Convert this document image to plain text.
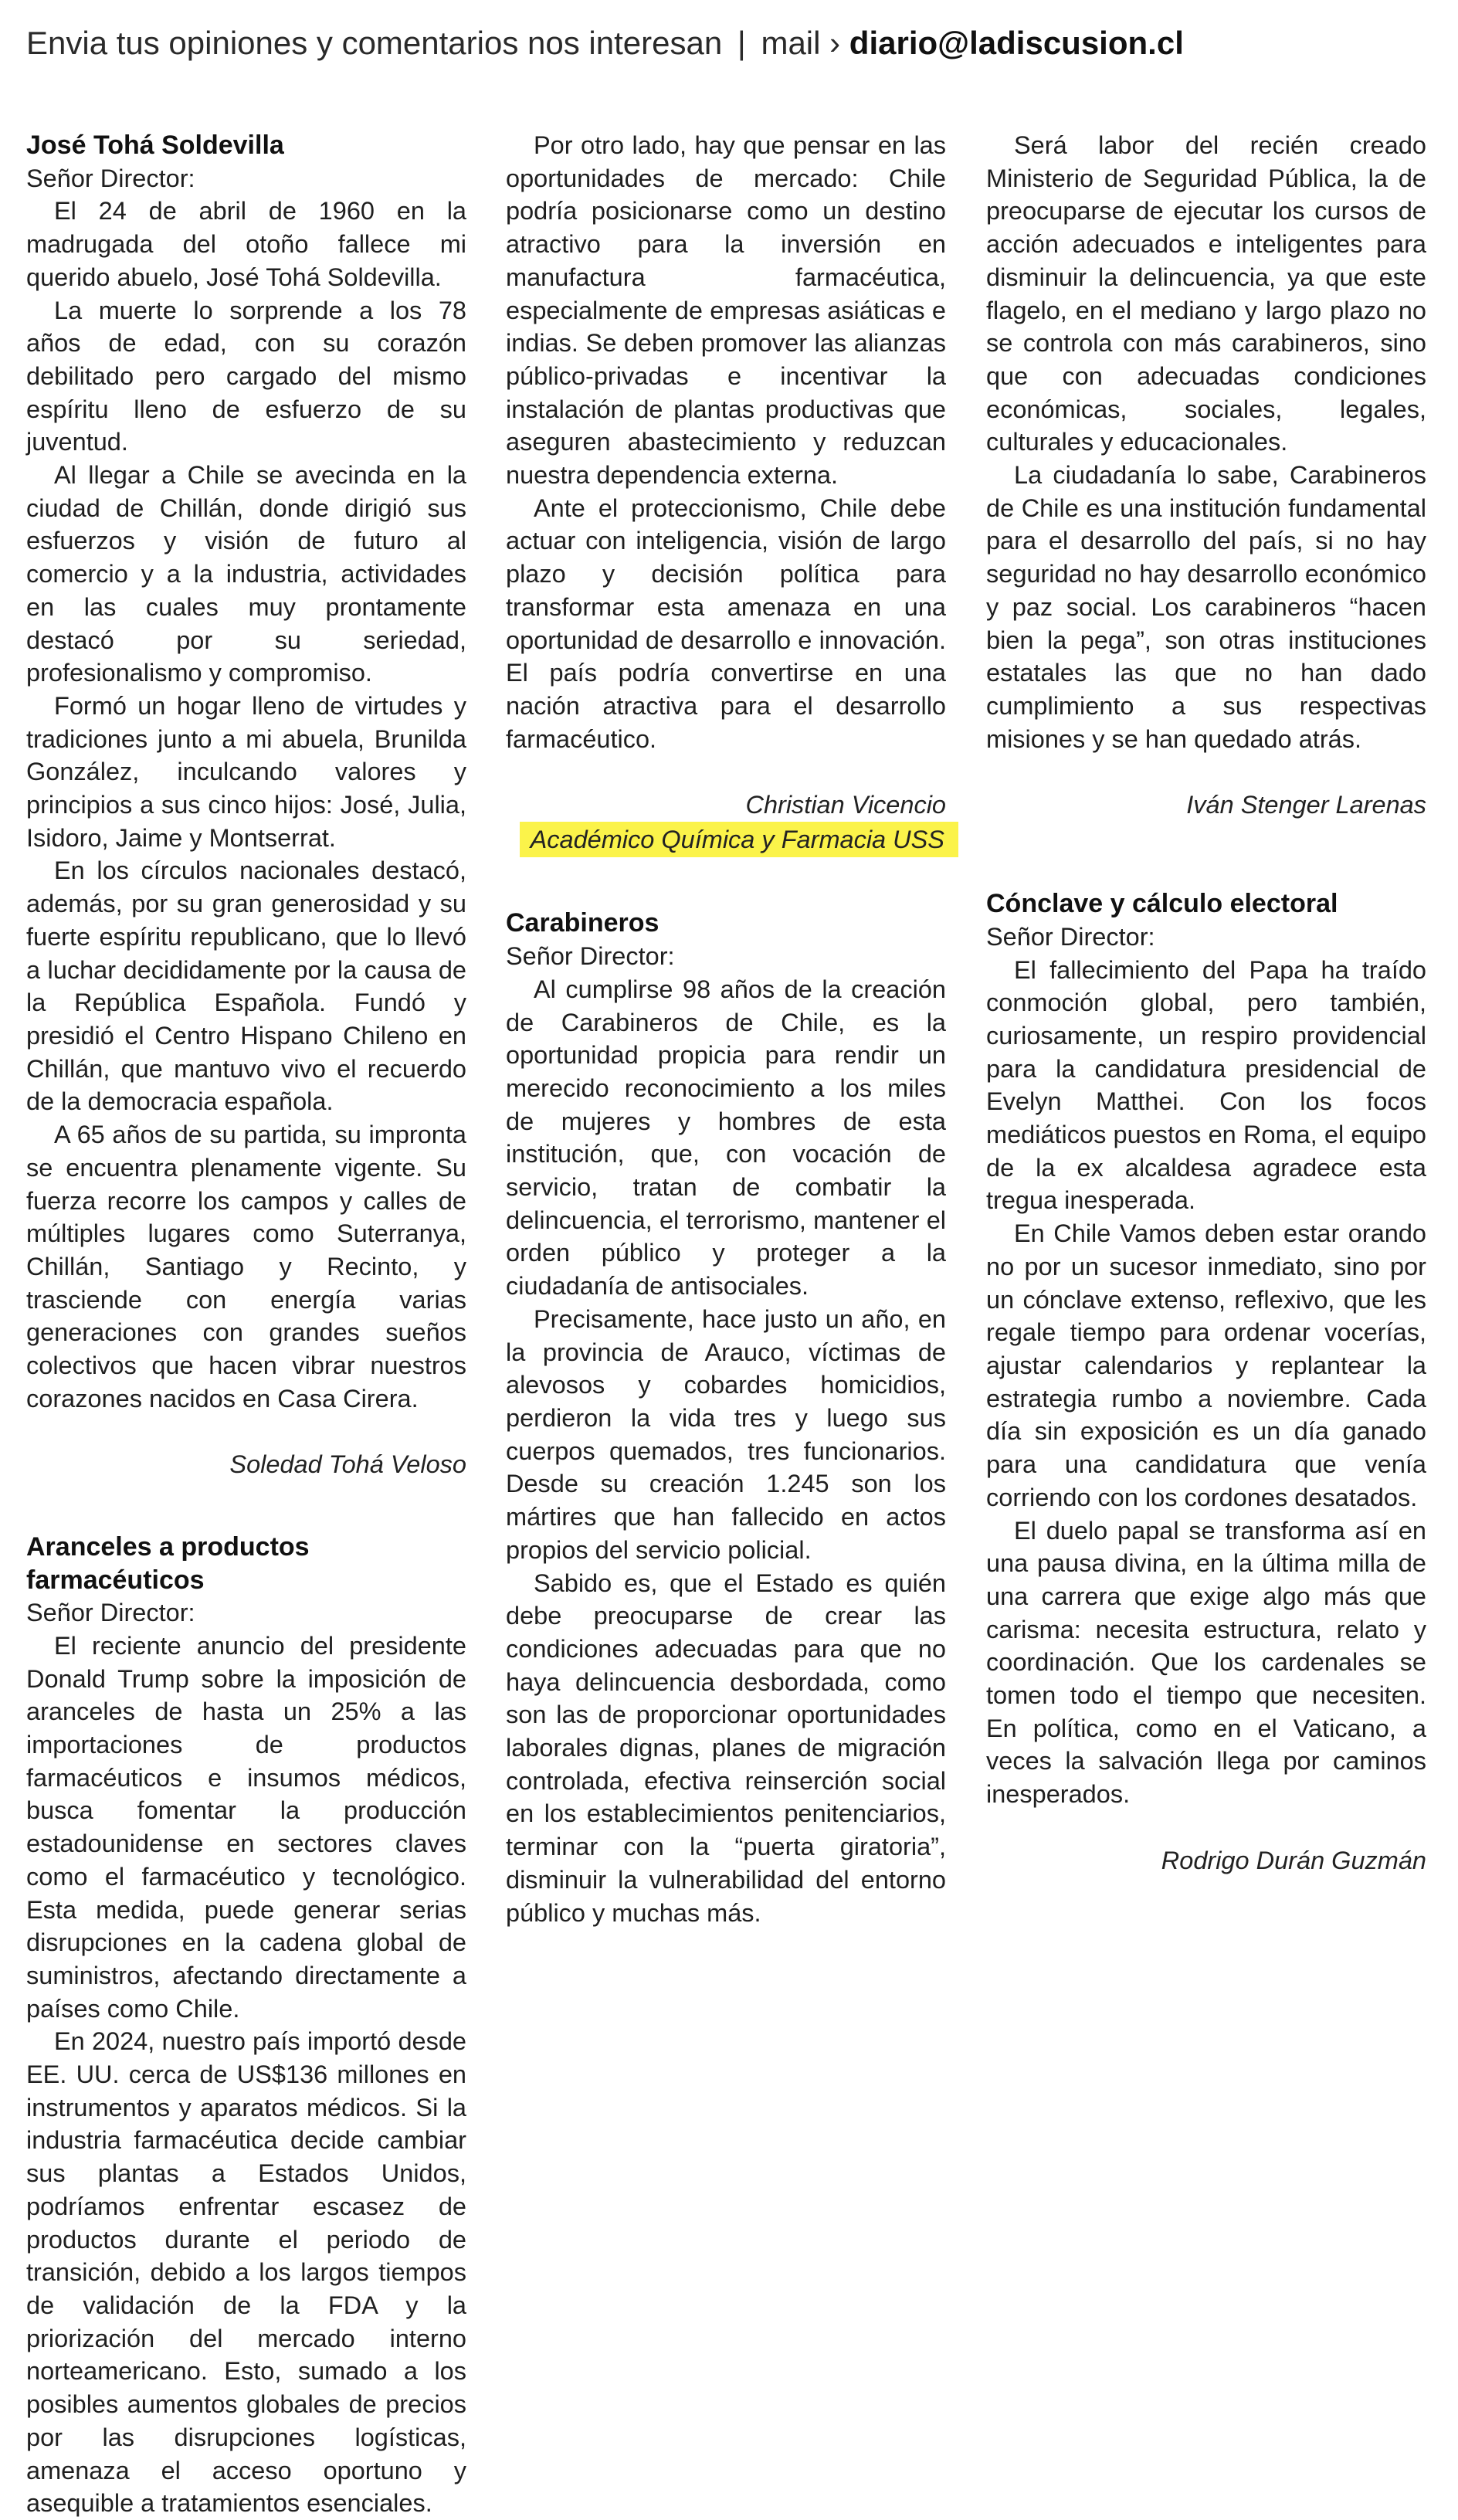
Envia tus opiniones y comentarios nos interesan | mail › diario@ladiscusion.cl
José Tohá Soldevilla
Señor Director:

El 24 de abril de 1960 en la madrugada del otoño fallece mi querido abuelo, José Tohá Soldevilla.

La muerte lo sorprende a los 78 años de edad, con su corazón debilitado pero cargado del mismo espíritu lleno de esfuerzo de su juventud.

Al llegar a Chile se avecinda en la ciudad de Chillán, donde dirigió sus esfuerzos y visión de futuro al comercio y a la industria, actividades en las cuales muy prontamente destacó por su seriedad, profesionalismo y compromiso.

Formó un hogar lleno de virtudes y tradiciones junto a mi abuela, Brunilda González, inculcando valores y principios a sus cinco hijos: José, Julia, Isidoro, Jaime y Montserrat.

En los círculos nacionales destacó, además, por su gran generosidad y su fuerte espíritu republicano, que lo llevó a luchar decididamente por la causa de la República Española. Fundó y presidió el Centro Hispano Chileno en Chillán, que mantuvo vivo el recuerdo de la democracia española.

A 65 años de su partida, su impronta se encuentra plenamente vigente. Su fuerza recorre los campos y calles de múltiples lugares como Suterranya, Chillán, Santiago y Recinto, y trasciende con energía varias generaciones con grandes sueños colectivos que hacen vibrar nuestros corazones nacidos en Casa Cirera.

Soledad Tohá Veloso
Aranceles a productos
farmacéuticos
Señor Director:

El reciente anuncio del presidente Donald Trump sobre la imposición de aranceles de hasta un 25% a las importaciones de productos farmacéuticos e insumos médicos, busca fomentar la producción estadounidense en sectores claves como el farmacéutico y tecnológico. Esta medida, puede generar serias disrupciones en la cadena global de suministros, afectando directamente a países como Chile.

En 2024, nuestro país importó desde EE. UU. cerca de US$136 millones en instrumentos y aparatos médicos. Si la industria farmacéutica decide cambiar sus plantas a Estados Unidos, podríamos enfrentar escasez de productos durante el periodo de transición, debido a los largos tiempos de validación de la FDA y la priorización del mercado interno norteamericano. Esto, sumado a los posibles aumentos globales de precios por las disrupciones logísticas, amenaza el acceso oportuno y asequible a tratamientos esenciales.

Por otro lado, hay que pensar en las oportunidades de mercado: Chile podría posicionarse como un destino atractivo para la inversión en manufactura farmacéutica, especialmente de empresas asiáticas e indias. Se deben promover las alianzas público-privadas e incentivar la instalación de plantas productivas que aseguren abastecimiento y reduzcan nuestra dependencia externa.

Ante el proteccionismo, Chile debe actuar con inteligencia, visión de largo plazo y decisión política para transformar esta amenaza en una oportunidad de desarrollo e innovación. El país podría convertirse en una nación atractiva para el desarrollo farmacéutico.

Christian Vicencio
Académico Química y Farmacia USS
Carabineros
Señor Director:

Al cumplirse 98 años de la creación de Carabineros de Chile, es la oportunidad propicia para rendir un merecido reconocimiento a los miles de mujeres y hombres de esta institución, que, con vocación de servicio, tratan de combatir la delincuencia, el terrorismo, mantener el orden público y proteger a la ciudadanía de antisociales.

Precisamente, hace justo un año, en la provincia de Arauco, víctimas de alevosos y cobardes homicidios, perdieron la vida tres y luego sus cuerpos quemados, tres funcionarios. Desde su creación 1.245 son los mártires que han fallecido en actos propios del servicio policial.

Sabido es, que el Estado es quién debe preocuparse de crear las condiciones adecuadas para que no haya delincuencia desbordada, como son las de proporcionar oportunidades laborales dignas, planes de migración controlada, efectiva reinserción social en los establecimientos penitenciarios, terminar con la “puerta giratoria”, disminuir la vulnerabilidad del entorno público y muchas más.

Será labor del recién creado Ministerio de Seguridad Pública, la de preocuparse de ejecutar los cursos de acción adecuados e inteligentes para disminuir la delincuencia, ya que este flagelo, en el mediano y largo plazo no se controla con más carabineros, sino que con adecuadas condiciones económicas, sociales, legales, culturales y educacionales.

La ciudadanía lo sabe, Carabineros de Chile es una institución fundamental para el desarrollo del país, si no hay seguridad no hay desarrollo económico y paz social. Los carabineros “hacen bien la pega”, son otras instituciones estatales las que no han dado cumplimiento a sus respectivas misiones y se han quedado atrás.

Iván Stenger Larenas
Cónclave y cálculo electoral
Señor Director:

El fallecimiento del Papa ha traído conmoción global, pero también, curiosamente, un respiro providencial para la candidatura presidencial de Evelyn Matthei. Con los focos mediáticos puestos en Roma, el equipo de la ex alcaldesa agradece esta tregua inesperada.

En Chile Vamos deben estar orando no por un sucesor inmediato, sino por un cónclave extenso, reflexivo, que les regale tiempo para ordenar vocerías, ajustar calendarios y replantear la estrategia rumbo a noviembre. Cada día sin exposición es un día ganado para una candidatura que venía corriendo con los cordones desatados.

El duelo papal se transforma así en una pausa divina, en la última milla de una carrera que exige algo más que carisma: necesita estructura, relato y coordinación. Que los cardenales se tomen todo el tiempo que necesiten. En política, como en el Vaticano, a veces la salvación llega por caminos inesperados.

Rodrigo Durán Guzmán
